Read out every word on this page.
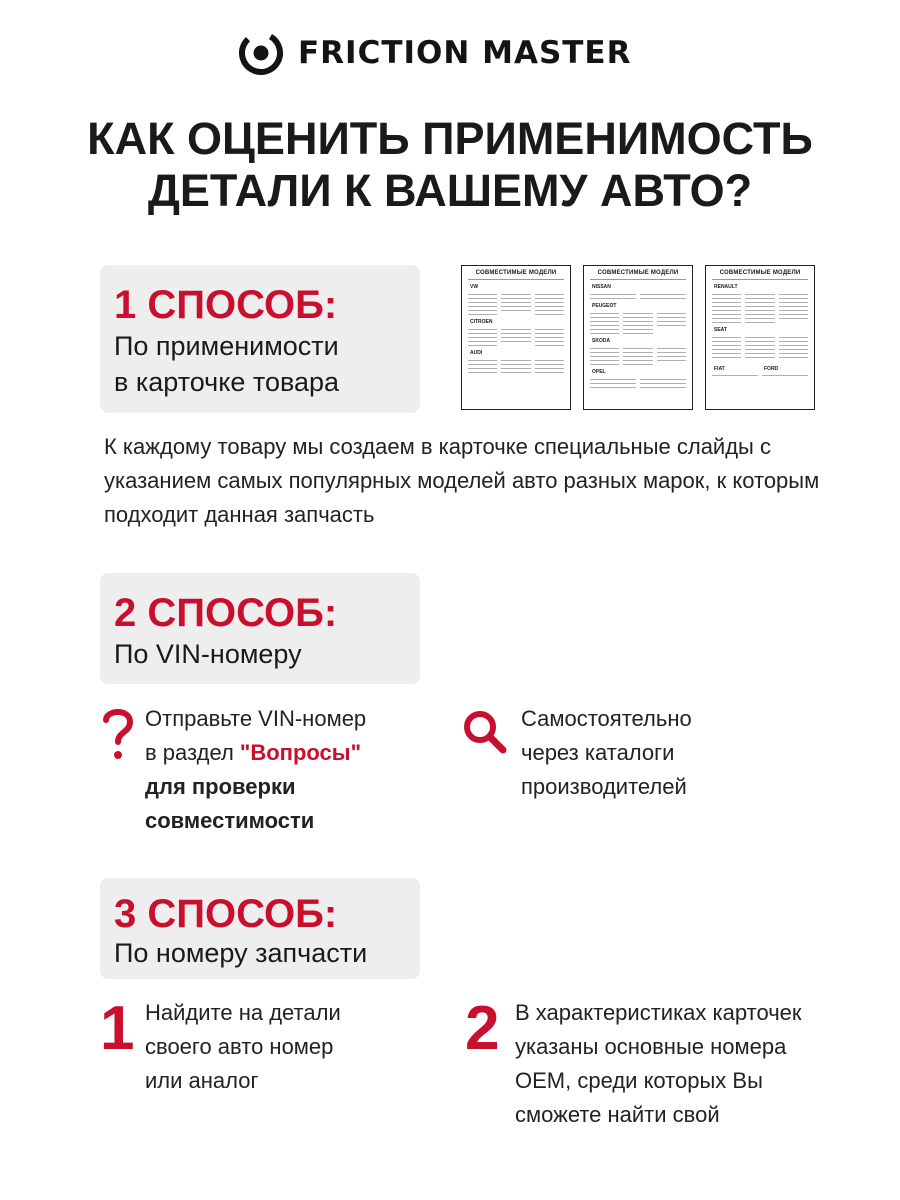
FRICTION MASTER
КАК ОЦЕНИТЬ ПРИМЕНИМОСТЬ
ДЕТАЛИ К ВАШЕМУ АВТО?
1 СПОСОБ:
По применимости
в карточке товара
СОВМЕСТИМЫЕ МОДЕЛИ
VW
CITROEN
AUDI
СОВМЕСТИМЫЕ МОДЕЛИ
NISSAN
PEUGEOT
SKODA
OPEL
СОВМЕСТИМЫЕ МОДЕЛИ
RENAULT
SEAT
FIAT	FORD
К каждому товару мы создаем в карточке специальные слайды с указанием самых популярных моделей авто разных марок, к которым подходит данная запчасть
2 СПОСОБ:
По VIN-номеру
Отправьте VIN-номер
в раздел "Вопросы"
для проверки
совместимости
Самостоятельно
через каталоги
производителей
3 СПОСОБ:
По номеру запчасти
1 Найдите на детали
своего авто номер
или аналог
2 В характеристиках карточек
указаны основные номера
OEM, среди которых Вы
сможете найти свой
